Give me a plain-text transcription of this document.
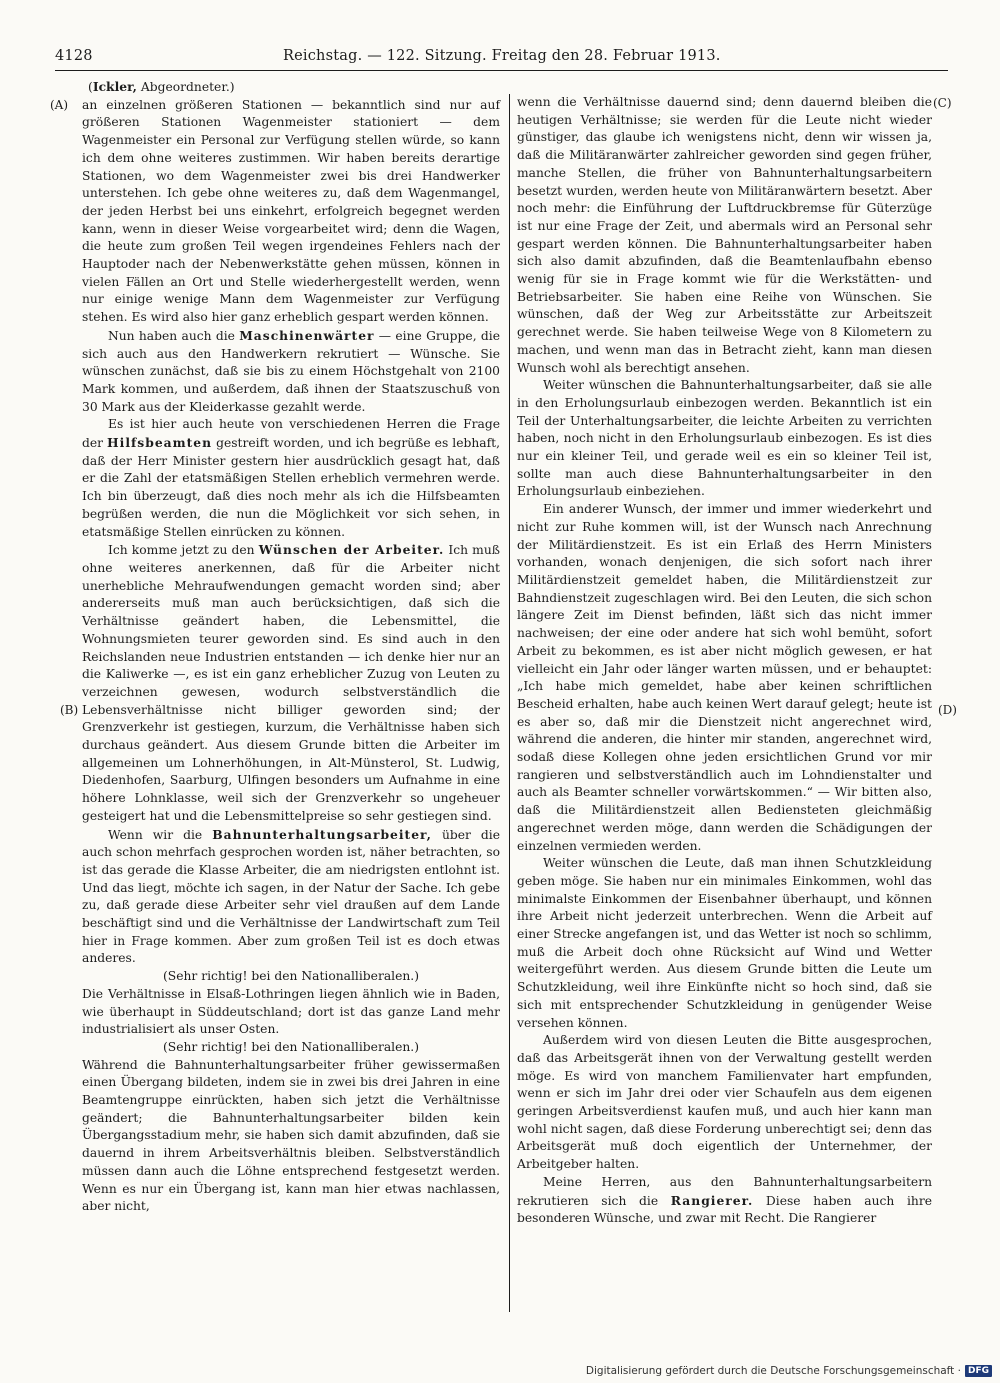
4128	Reichstag. — 122. Sitzung. Freitag den 28. Februar 1913.
(A)
(B)
(C)
(D)

(Ickler, Abgeordneter.)

an einzelnen größeren Stationen — bekanntlich sind nur auf größeren Stationen Wagenmeister stationiert — dem Wagenmeister ein Personal zur Verfügung stellen würde, so kann ich dem ohne weiteres zustimmen. Wir haben bereits derartige Stationen, wo dem Wagenmeister zwei bis drei Handwerker unterstehen. Ich gebe ohne weiteres zu, daß dem Wagenmangel, der jeden Herbst bei uns einkehrt, erfolgreich begegnet werden kann, wenn in dieser Weise vorgearbeitet wird; denn die Wagen, die heute zum großen Teil wegen irgendeines Fehlers nach der Hauptoder nach der Nebenwerkstätte gehen müssen, können in vielen Fällen an Ort und Stelle wiederhergestellt werden, wenn nur einige wenige Mann dem Wagenmeister zur Verfügung stehen. Es wird also hier ganz erheblich gespart werden können.

Nun haben auch die Maschinenwärter — eine Gruppe, die sich auch aus den Handwerkern rekrutiert — Wünsche. Sie wünschen zunächst, daß sie bis zu einem Höchstgehalt von 2100 Mark kommen, und außerdem, daß ihnen der Staatszuschuß von 30 Mark aus der Kleiderkasse gezahlt werde.

Es ist hier auch heute von verschiedenen Herren die Frage der Hilfsbeamten gestreift worden, und ich begrüße es lebhaft, daß der Herr Minister gestern hier ausdrücklich gesagt hat, daß er die Zahl der etatsmäßigen Stellen erheblich vermehren werde. Ich bin überzeugt, daß dies noch mehr als ich die Hilfsbeamten begrüßen werden, die nun die Möglichkeit vor sich sehen, in etatsmäßige Stellen einrücken zu können.

Ich komme jetzt zu den Wünschen der Arbeiter. Ich muß ohne weiteres anerkennen, daß für die Arbeiter nicht unerhebliche Mehraufwendungen gemacht worden sind; aber andererseits muß man auch berücksichtigen, daß sich die Verhältnisse geändert haben, die Lebensmittel, die Wohnungsmieten teurer geworden sind. Es sind auch in den Reichslanden neue Industrien entstanden — ich denke hier nur an die Kaliwerke —, es ist ein ganz erheblicher Zuzug von Leuten zu verzeichnen gewesen, wodurch selbstverständlich die Lebensverhältnisse nicht billiger geworden sind; der Grenzverkehr ist gestiegen, kurzum, die Verhältnisse haben sich durchaus geändert. Aus diesem Grunde bitten die Arbeiter im allgemeinen um Lohnerhöhungen, in Alt-Münsterol, St. Ludwig, Diedenhofen, Saarburg, Ulfingen besonders um Aufnahme in eine höhere Lohnklasse, weil sich der Grenzverkehr so ungeheuer gesteigert hat und die Lebensmittelpreise so sehr gestiegen sind.

Wenn wir die Bahnunterhaltungsarbeiter, über die auch schon mehrfach gesprochen worden ist, näher betrachten, so ist das gerade die Klasse Arbeiter, die am niedrigsten entlohnt ist. Und das liegt, möchte ich sagen, in der Natur der Sache. Ich gebe zu, daß gerade diese Arbeiter sehr viel draußen auf dem Lande beschäftigt sind und die Verhältnisse der Landwirtschaft zum Teil hier in Frage kommen. Aber zum großen Teil ist es doch etwas anderes.

(Sehr richtig! bei den Nationalliberalen.)

Die Verhältnisse in Elsaß-Lothringen liegen ähnlich wie in Baden, wie überhaupt in Süddeutschland; dort ist das ganze Land mehr industrialisiert als unser Osten.

(Sehr richtig! bei den Nationalliberalen.)

Während die Bahnunterhaltungsarbeiter früher gewissermaßen einen Übergang bildeten, indem sie in zwei bis drei Jahren in eine Beamtengruppe einrückten, haben sich jetzt die Verhältnisse geändert; die Bahnunterhaltungsarbeiter bilden kein Übergangsstadium mehr, sie haben sich damit abzufinden, daß sie dauernd in ihrem Arbeitsverhältnis bleiben. Selbstverständlich müssen dann auch die Löhne entsprechend festgesetzt werden. Wenn es nur ein Übergang ist, kann man hier etwas nachlassen, aber nicht,

wenn die Verhältnisse dauernd sind; denn dauernd bleiben die heutigen Verhältnisse; sie werden für die Leute nicht wieder günstiger, das glaube ich wenigstens nicht, denn wir wissen ja, daß die Militäranwärter zahlreicher geworden sind gegen früher, manche Stellen, die früher von Bahnunterhaltungsarbeitern besetzt wurden, werden heute von Militäranwärtern besetzt. Aber noch mehr: die Einführung der Luftdruckbremse für Güterzüge ist nur eine Frage der Zeit, und abermals wird an Personal sehr gespart werden können. Die Bahnunterhaltungsarbeiter haben sich also damit abzufinden, daß die Beamtenlaufbahn ebenso wenig für sie in Frage kommt wie für die Werkstätten- und Betriebsarbeiter. Sie haben eine Reihe von Wünschen. Sie wünschen, daß der Weg zur Arbeitsstätte zur Arbeitszeit gerechnet werde. Sie haben teilweise Wege von 8 Kilometern zu machen, und wenn man das in Betracht zieht, kann man diesen Wunsch wohl als berechtigt ansehen.

Weiter wünschen die Bahnunterhaltungsarbeiter, daß sie alle in den Erholungsurlaub einbezogen werden. Bekanntlich ist ein Teil der Unterhaltungsarbeiter, die leichte Arbeiten zu verrichten haben, noch nicht in den Erholungsurlaub einbezogen. Es ist dies nur ein kleiner Teil, und gerade weil es ein so kleiner Teil ist, sollte man auch diese Bahnunterhaltungsarbeiter in den Erholungsurlaub einbeziehen.

Ein anderer Wunsch, der immer und immer wiederkehrt und nicht zur Ruhe kommen will, ist der Wunsch nach Anrechnung der Militärdienstzeit. Es ist ein Erlaß des Herrn Ministers vorhanden, wonach denjenigen, die sich sofort nach ihrer Militärdienstzeit gemeldet haben, die Militärdienstzeit zur Bahndienstzeit zugeschlagen wird. Bei den Leuten, die sich schon längere Zeit im Dienst befinden, läßt sich das nicht immer nachweisen; der eine oder andere hat sich wohl bemüht, sofort Arbeit zu bekommen, es ist aber nicht möglich gewesen, er hat vielleicht ein Jahr oder länger warten müssen, und er behauptet: „Ich habe mich gemeldet, habe aber keinen schriftlichen Bescheid erhalten, habe auch keinen Wert darauf gelegt; heute ist es aber so, daß mir die Dienstzeit nicht angerechnet wird, während die anderen, die hinter mir standen, angerechnet wird, sodaß diese Kollegen ohne jeden ersichtlichen Grund vor mir rangieren und selbstverständlich auch im Lohndienstalter und auch als Beamter schneller vorwärtskommen.“ — Wir bitten also, daß die Militärdienstzeit allen Bediensteten gleichmäßig angerechnet werden möge, dann werden die Schädigungen der einzelnen vermieden werden.

Weiter wünschen die Leute, daß man ihnen Schutzkleidung geben möge. Sie haben nur ein minimales Einkommen, wohl das minimalste Einkommen der Eisenbahner überhaupt, und können ihre Arbeit nicht jederzeit unterbrechen. Wenn die Arbeit auf einer Strecke angefangen ist, und das Wetter ist noch so schlimm, muß die Arbeit doch ohne Rücksicht auf Wind und Wetter weitergeführt werden. Aus diesem Grunde bitten die Leute um Schutzkleidung, weil ihre Einkünfte nicht so hoch sind, daß sie sich mit entsprechender Schutzkleidung in genügender Weise versehen können.

Außerdem wird von diesen Leuten die Bitte ausgesprochen, daß das Arbeitsgerät ihnen von der Verwaltung gestellt werden möge. Es wird von manchem Familienvater hart empfunden, wenn er sich im Jahr drei oder vier Schaufeln aus dem eigenen geringen Arbeitsverdienst kaufen muß, und auch hier kann man wohl nicht sagen, daß diese Forderung unberechtigt sei; denn das Arbeitsgerät muß doch eigentlich der Unternehmer, der Arbeitgeber halten.

Meine Herren, aus den Bahnunterhaltungsarbeitern rekrutieren sich die Rangierer. Diese haben auch ihre besonderen Wünsche, und zwar mit Recht. Die Rangierer

Digitalisierung gefördert durch die Deutsche Forschungsgemeinschaft · DFG
